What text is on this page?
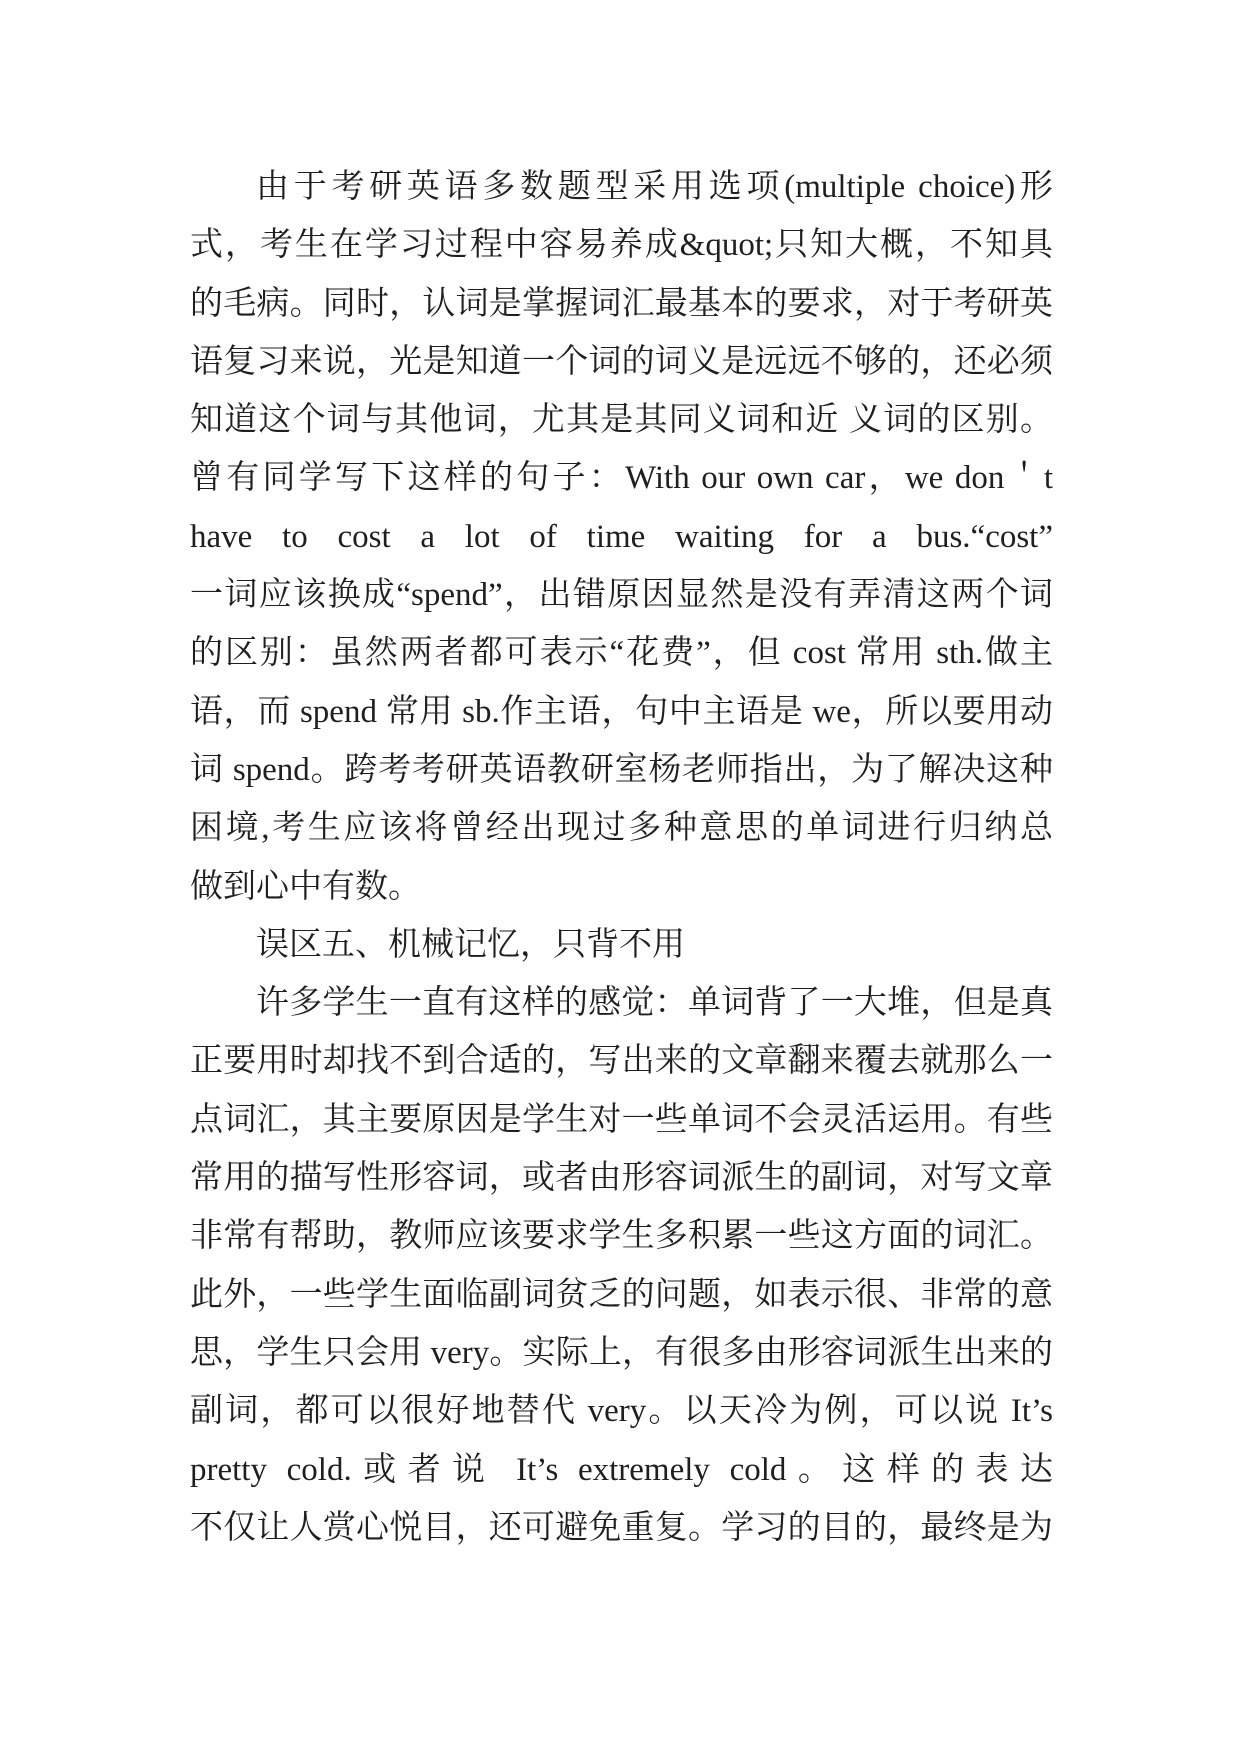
由于考研英语多数题型采用选项(multiple choice)形
式，考生在学习过程中容易养成&quot;只知大概，不知具
的毛病。同时，认词是掌握词汇最基本的要求，对于考研英
语复习来说，光是知道一个词的词义是远远不够的，还必须
知道这个词与其他词，尤其是其同义词和近 义词的区别。
曾有同学写下这样的句子：With our own car，we don＇t
have to cost a lot of time waiting for a bus.“cost”
一词应该换成“spend”，出错原因显然是没有弄清这两个词
的区别：虽然两者都可表示“花费”，但 cost 常用 sth.做主
语，而 spend 常用 sb.作主语，句中主语是 we，所以要用动
词 spend。跨考考研英语教研室杨老师指出，为了解决这种
困境,考生应该将曾经出现过多种意思的单词进行归纳总
做到心中有数。
误区五、机械记忆，只背不用
许多学生一直有这样的感觉：单词背了一大堆，但是真
正要用时却找不到合适的，写出来的文章翻来覆去就那么一
点词汇，其主要原因是学生对一些单词不会灵活运用。有些
常用的描写性形容词，或者由形容词派生的副词，对写文章
非常有帮助，教师应该要求学生多积累一些这方面的词汇。
此外，一些学生面临副词贫乏的问题，如表示很、非常的意
思，学生只会用 very。实际上，有很多由形容词派生出来的
副词，都可以很好地替代 very。以天冷为例，可以说 It’s
pretty cold.或者说 It’s extremely cold。这样的表达
不仅让人赏心悦目，还可避免重复。学习的目的，最终是为
